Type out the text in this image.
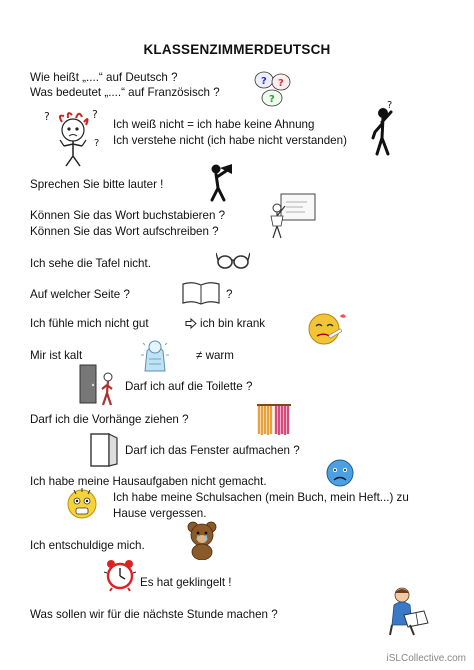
KLASSENZIMMERDEUTSCH
Wie heißt „....“ auf Deutsch ?
Was bedeutet „....“ auf Französisch ?
Ich weiß nicht = ich habe keine Ahnung
Ich verstehe nicht (ich habe nicht verstanden)
Sprechen Sie bitte lauter !
Können Sie das Wort buchstabieren ?
Können Sie das Wort aufschreiben ?
Ich sehe die Tafel nicht.
Auf welcher Seite ?	?
Ich fühle mich nicht gut	ich bin krank
Mir ist kalt	≠ warm
Darf ich auf die Toilette ?
Darf ich die Vorhänge ziehen ?
Darf ich das Fenster aufmachen ?
Ich habe meine Hausaufgaben nicht gemacht.
Ich habe meine Schulsachen (mein Buch, mein Heft...) zu
Hause vergessen.
Ich entschuldige mich.
Es hat geklingelt !
Was sollen wir für die nächste Stunde machen ?
? ?
?
?	?
?
?
iSLCollective.com
